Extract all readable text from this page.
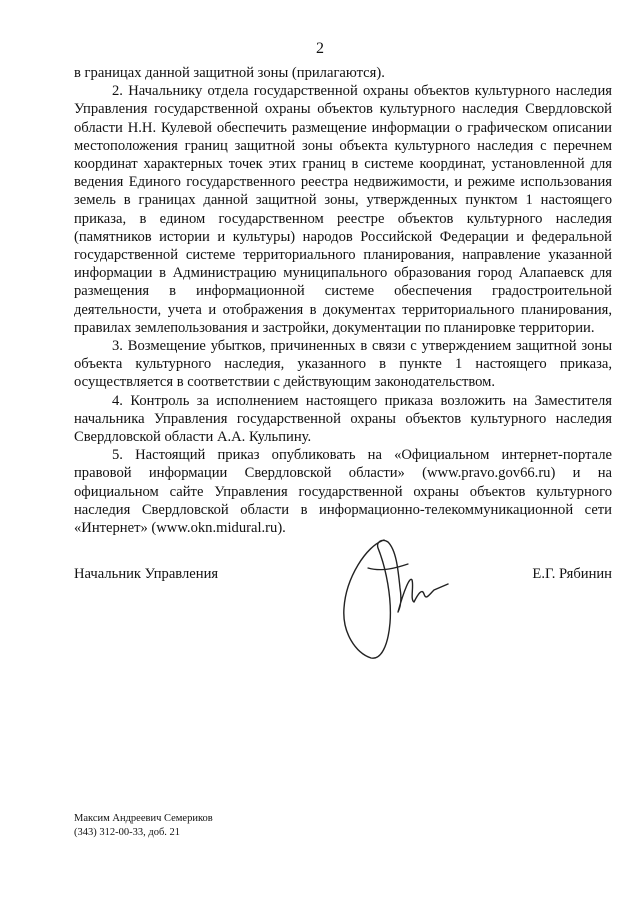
2

в границах данной защитной зоны (прилагаются).

2. Начальнику отдела государственной охраны объектов культурного наследия Управления государственной охраны объектов культурного наследия Свердловской области Н.Н. Кулевой обеспечить размещение информации о графическом описании местоположения границ защитной зоны объекта культурного наследия с перечнем координат характерных точек этих границ в системе координат, установленной для ведения Единого государственного реестра недвижимости, и режиме использования земель в границах данной защитной зоны, утвержденных пунктом 1 настоящего приказа, в едином государственном реестре объектов культурного наследия (памятников истории и культуры) народов Российской Федерации и федеральной государственной системе территориального планирования, направление указанной информации в Администрацию муниципального образования город Алапаевск для размещения в информационной системе обеспечения градостроительной деятельности, учета и отображения в документах территориального планирования, правилах землепользования и застройки, документации по планировке территории.

3. Возмещение убытков, причиненных в связи с утверждением защитной зоны объекта культурного наследия, указанного в пункте 1 настоящего приказа, осуществляется в соответствии с действующим законодательством.

4. Контроль за исполнением настоящего приказа возложить на Заместителя начальника Управления государственной охраны объектов культурного наследия Свердловской области А.А. Кульпину.

5. Настоящий приказ опубликовать на «Официальном интернет-портале правовой информации Свердловской области» (www.pravo.gov66.ru) и на официальном сайте Управления государственной охраны объектов культурного наследия Свердловской области в информационно-телекоммуникационной сети «Интернет» (www.okn.midural.ru).

Начальник Управления	Е.Г. Рябинин
Максим Андреевич Семериков
(343) 312-00-33, доб. 21
